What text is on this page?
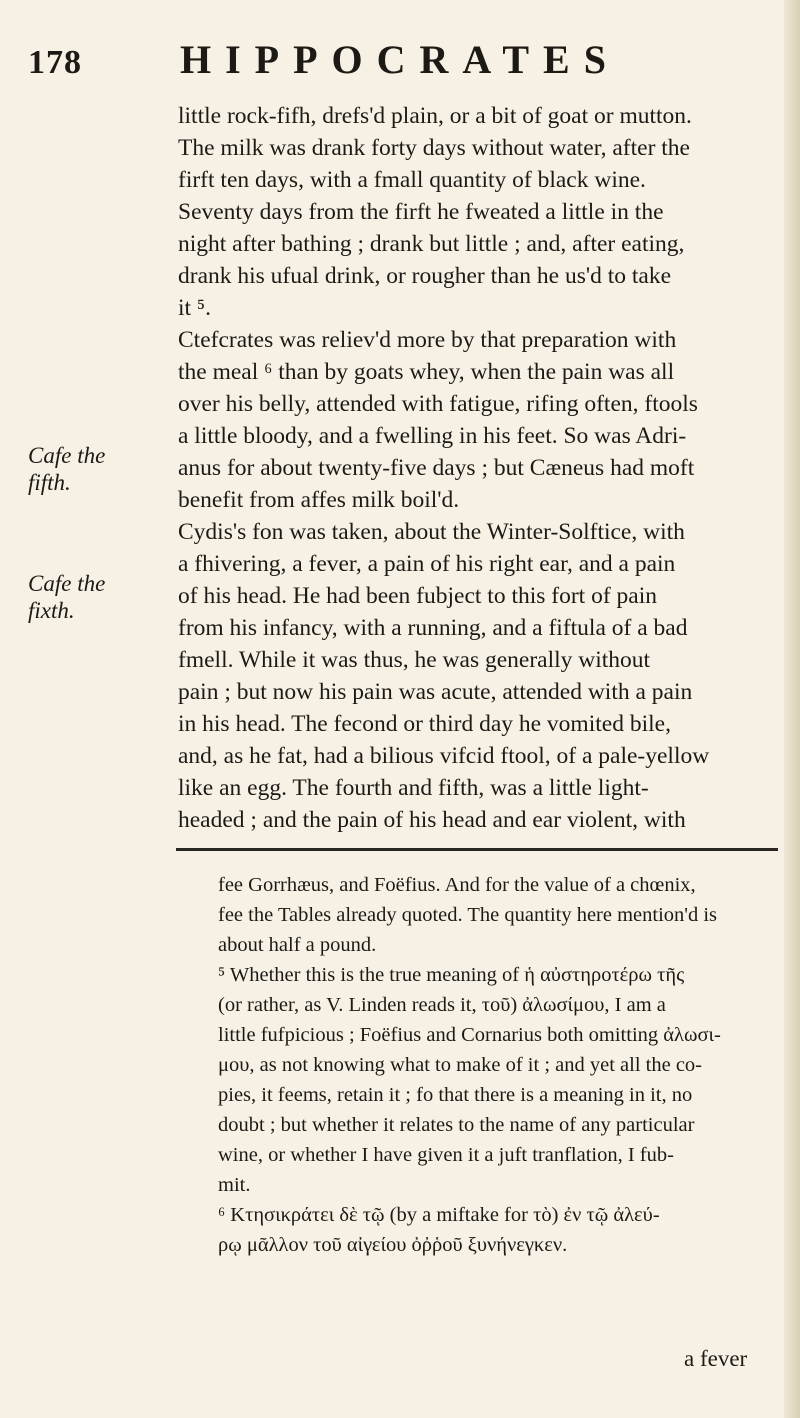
178 HIPPOCRATES
Cafe the
fifth.
Cafe the
fixth.
little rock-fifh, drefs'd plain, or a bit of goat or mutton.
The milk was drank forty days without water, after the
firft ten days, with a fmall quantity of black wine.
Seventy days from the firft he fweated a little in the
night after bathing ; drank but little ; and, after eating,
drank his ufual drink, or rougher than he us'd to take
it ⁵.
Ctefcrates was reliev'd more by that preparation with
the meal ⁶ than by goats whey, when the pain was all
over his belly, attended with fatigue, rifing often, ftools
a little bloody, and a fwelling in his feet. So was Adri-
anus for about twenty-five days ; but Cæneus had moft
benefit from affes milk boil'd.
Cydis's fon was taken, about the Winter-Solftice, with
a fhivering, a fever, a pain of his right ear, and a pain
of his head. He had been fubject to this fort of pain
from his infancy, with a running, and a fiftula of a bad
fmell. While it was thus, he was generally without
pain ; but now his pain was acute, attended with a pain
in his head. The fecond or third day he vomited bile,
and, as he fat, had a bilious vifcid ftool, of a pale-yellow
like an egg. The fourth and fifth, was a little light-
headed ; and the pain of his head and ear violent, with
fee Gorrhæus, and Foëfius. And for the value of a chœnix,
fee the Tables already quoted. The quantity here mention'd is
about half a pound.
⁵ Whether this is the true meaning of ἡ αὐστηροτέρω τῆς
(or rather, as V. Linden reads it, τοῦ) ἀλωσίμου, I am a
little fufpicious ; Foëfius and Cornarius both omitting ἀλωσι-
μου, as not knowing what to make of it ; and yet all the co-
pies, it feems, retain it ; fo that there is a meaning in it, no
doubt ; but whether it relates to the name of any particular
wine, or whether I have given it a juft tranflation, I fub-
mit.
⁶ Κτησικράτει δὲ τῷ (by a miftake for τὸ) ἐν τῷ ἀλεύ-
ρῳ μᾶλλον τοῦ αἰγείου ὀῤῥοῦ ξυνήνεγκεν.
a fever
